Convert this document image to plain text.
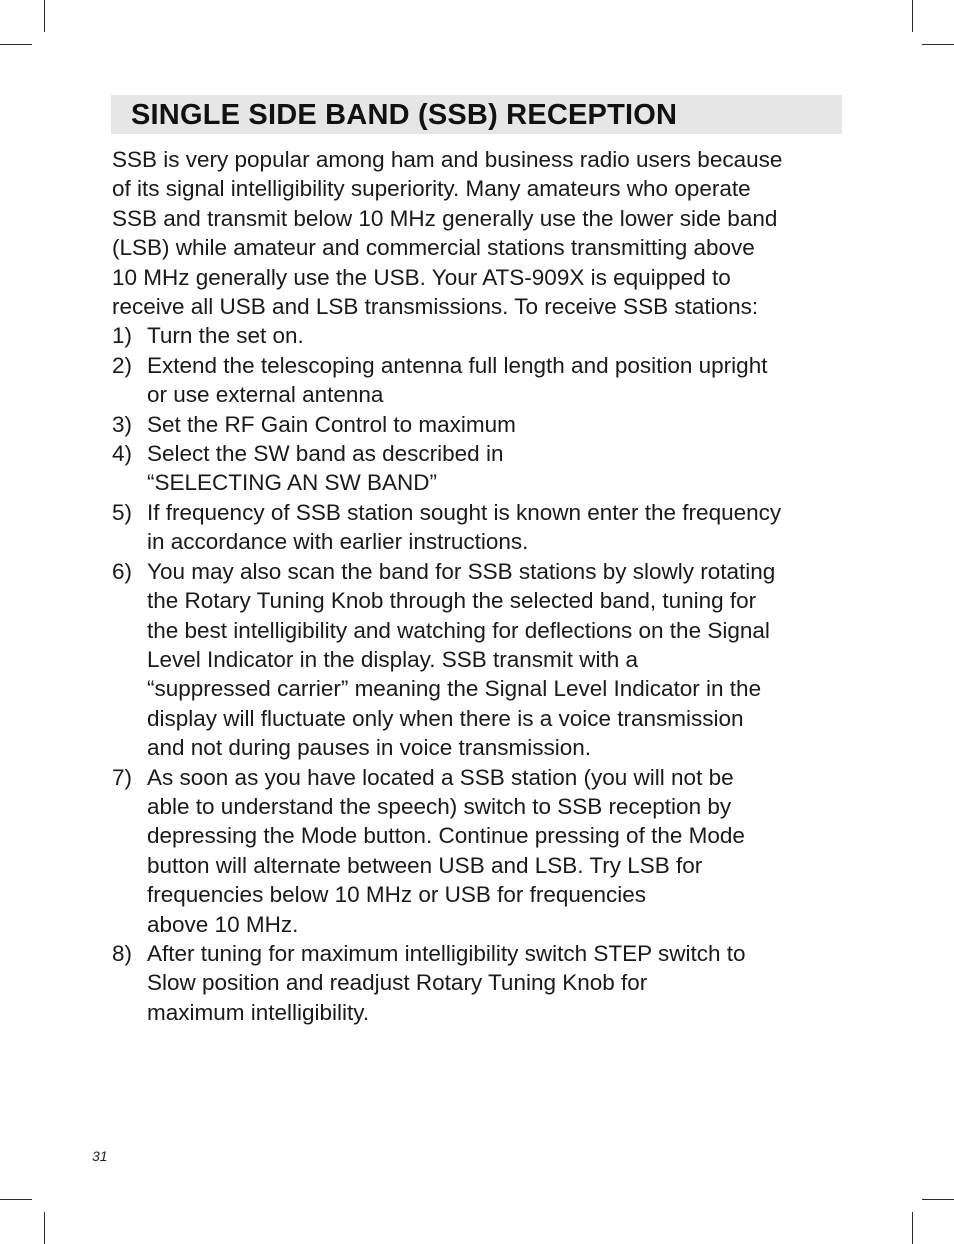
SINGLE SIDE BAND (SSB) RECEPTION
SSB is very popular among ham and business radio users because
of its signal intelligibility superiority. Many amateurs who operate
SSB and transmit below 10 MHz generally use the lower side band
(LSB) while amateur and commercial stations transmitting above
10 MHz generally use the USB. Your ATS-909X is equipped to
receive all USB and LSB transmissions. To receive SSB stations:
1) Turn the set on.
2) Extend the telescoping antenna full length and position upright
or use external antenna
3) Set the RF Gain Control to maximum
4) Select the SW band as described in
“SELECTING AN SW BAND”
5) If frequency of SSB station sought is known enter the frequency
in accordance with earlier instructions.
6) You may also scan the band for SSB stations by slowly rotating
the Rotary Tuning Knob through the selected band, tuning for
the best intelligibility and watching for deflections on the Signal
Level Indicator in the display. SSB transmit with a
“suppressed carrier” meaning the Signal Level Indicator in the
display will fluctuate only when there is a voice transmission
and not during pauses in voice transmission.
7) As soon as you have located a SSB station (you will not be
able to understand the speech) switch to SSB reception by
depressing the Mode button. Continue pressing of the Mode
button will alternate between USB and LSB. Try LSB for
frequencies below 10 MHz or USB for frequencies
above 10 MHz.
8) After tuning for maximum intelligibility switch STEP switch to
Slow position and readjust Rotary Tuning Knob for
maximum intelligibility.
31
